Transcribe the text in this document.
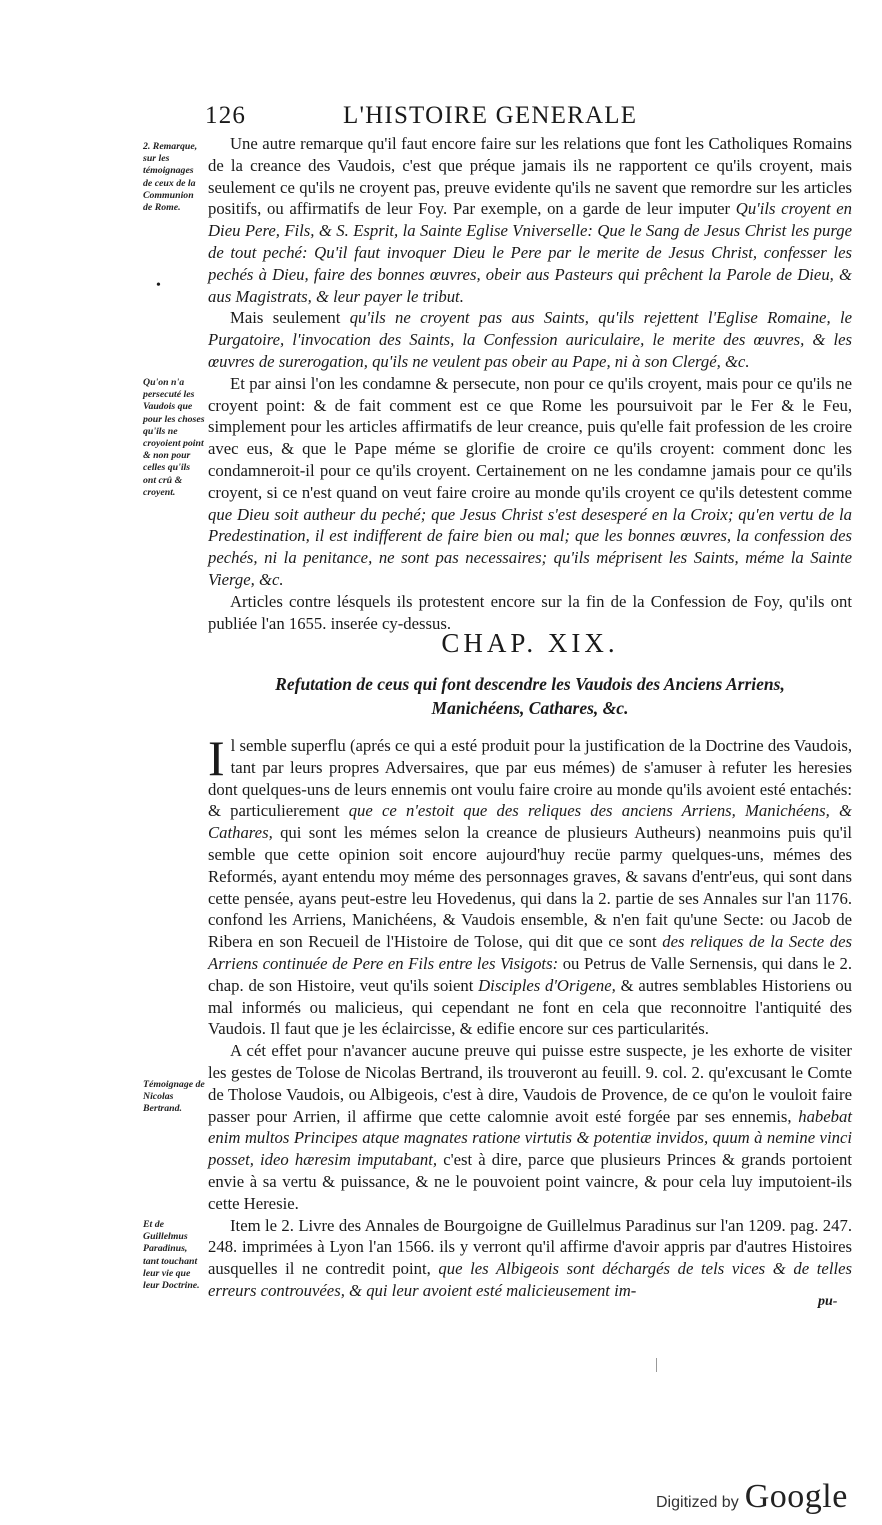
126	L'HISTOIRE GENERALE
2. Remarque, sur les témoignages de ceux de la Communion de Rome.
•
Qu'on n'a persecuté les Vaudois que pour les choses qu'ils ne croyoient point & non pour celles qu'ils ont crû & croyent.
Témoignage de Nicolas Bertrand.
Et de Guillelmus Paradinus, tant touchant leur vie que leur Doctrine.

Une autre remarque qu'il faut encore faire sur les relations que font les Catholiques Romains de la creance des Vaudois, c'est que préque jamais ils ne rapportent ce qu'ils croyent, mais seulement ce qu'ils ne croyent pas, preuve evidente qu'ils ne savent que remordre sur les articles positifs, ou affirmatifs de leur Foy. Par exemple, on a garde de leur imputer Qu'ils croyent en Dieu Pere, Fils, & S. Esprit, la Sainte Eglise Vniverselle: Que le Sang de Jesus Christ les purge de tout peché: Qu'il faut invoquer Dieu le Pere par le merite de Jesus Christ, confesser les pechés à Dieu, faire des bonnes œuvres, obeir aus Pasteurs qui prêchent la Parole de Dieu, & aus Magistrats, & leur payer le tribut.

Mais seulement qu'ils ne croyent pas aus Saints, qu'ils rejettent l'Eglise Romaine, le Purgatoire, l'invocation des Saints, la Confession auriculaire, le merite des œuvres, & les œuvres de surerogation, qu'ils ne veulent pas obeir au Pape, ni à son Clergé, &c.

Et par ainsi l'on les condamne & persecute, non pour ce qu'ils croyent, mais pour ce qu'ils ne croyent point: & de fait comment est ce que Rome les poursuivoit par le Fer & le Feu, simplement pour les articles affirmatifs de leur creance, puis qu'elle fait profession de les croire avec eus, & que le Pape méme se glorifie de croire ce qu'ils croyent: comment donc les condamneroit-il pour ce qu'ils croyent. Certainement on ne les condamne jamais pour ce qu'ils croyent, si ce n'est quand on veut faire croire au monde qu'ils croyent ce qu'ils detestent comme que Dieu soit autheur du peché; que Jesus Christ s'est desesperé en la Croix; qu'en vertu de la Predestination, il est indifferent de faire bien ou mal; que les bonnes œuvres, la confession des pechés, ni la penitance, ne sont pas necessaires; qu'ils méprisent les Saints, méme la Sainte Vierge, &c.

Articles contre lésquels ils protestent encore sur la fin de la Confession de Foy, qu'ils ont publiée l'an 1655. inserée cy-dessus.

CHAP. XIX.
Refutation de ceus qui font descendre les Vaudois des Anciens Arriens,
Manichéens, Cathares, &c.

Il semble superflu (aprés ce qui a esté produit pour la justification de la Doctrine des Vaudois, tant par leurs propres Adversaires, que par eus mémes) de s'amuser à refuter les heresies dont quelques-uns de leurs ennemis ont voulu faire croire au monde qu'ils avoient esté entachés: & particulierement que ce n'estoit que des reliques des anciens Arriens, Manichéens, & Cathares, qui sont les mémes selon la creance de plusieurs Autheurs) neanmoins puis qu'il semble que cette opinion soit encore aujourd'huy recüe parmy quelques-uns, mémes des Reformés, ayant entendu moy méme des personnages graves, & savans d'entr'eus, qui sont dans cette pensée, ayans peut-estre leu Hovedenus, qui dans la 2. partie de ses Annales sur l'an 1176. confond les Arriens, Manichéens, & Vaudois ensemble, & n'en fait qu'une Secte: ou Jacob de Ribera en son Recueil de l'Histoire de Tolose, qui dit que ce sont des reliques de la Secte des Arriens continuée de Pere en Fils entre les Visigots: ou Petrus de Valle Sernensis, qui dans le 2. chap. de son Histoire, veut qu'ils soient Disciples d'Origene, & autres semblables Historiens ou mal informés ou malicieus, qui cependant ne font en cela que reconnoitre l'antiquité des Vaudois. Il faut que je les éclaircisse, & edifie encore sur ces particularités.

A cét effet pour n'avancer aucune preuve qui puisse estre suspecte, je les exhorte de visiter les gestes de Tolose de Nicolas Bertrand, ils trouveront au feuill. 9. col. 2. qu'excusant le Comte de Tholose Vaudois, ou Albigeois, c'est à dire, Vaudois de Provence, de ce qu'on le vouloit faire passer pour Arrien, il affirme que cette calomnie avoit esté forgée par ses ennemis, habebat enim multos Principes atque magnates ratione virtutis & potentiæ invidos, quum à nemine vinci posset, ideo hæresim imputabant, c'est à dire, parce que plusieurs Princes & grands portoient envie à sa vertu & puissance, & ne le pouvoient point vaincre, & pour cela luy imputoient-ils cette Heresie.

Item le 2. Livre des Annales de Bourgoigne de Guillelmus Paradinus sur l'an 1209. pag. 247. 248. imprimées à Lyon l'an 1566. ils y verront qu'il affirme d'avoir appris par d'autres Histoires ausquelles il ne contredit point, que les Albigeois sont déchargés de tels vices & de telles erreurs controuvées, & qui leur avoient esté malicieusement im-

pu-
Digitized by Google
